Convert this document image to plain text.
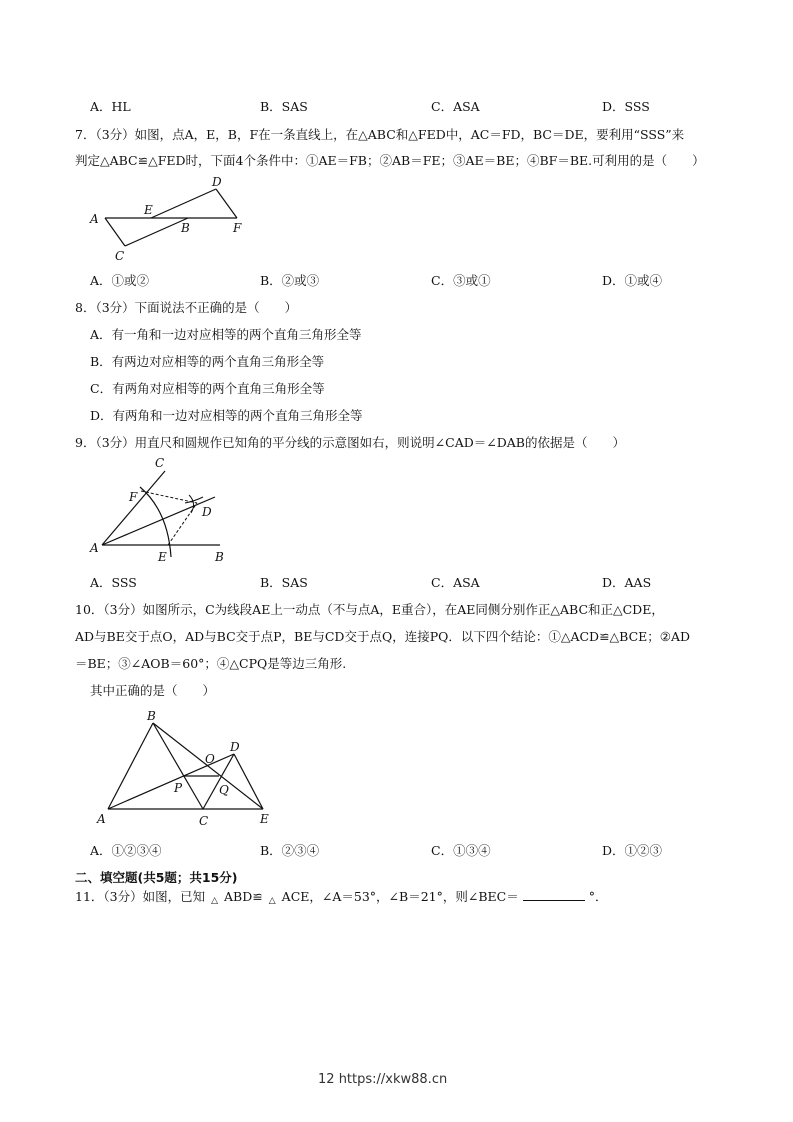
A．HL	B．SAS	C．ASA	D．SSS
7．（3分）如图，点A，E，B，F在一条直线上，在△ABC和△FED中，AC＝FD，BC＝DE，要利用“SSS”来
判定△ABC≌△FED时，下面4个条件中：①AE＝FB；②AB＝FE；③AE＝BE；④BF＝BE.可利用的是（　　）
A
E
B	F
C
D
A．①或②	B．②或③	C．③或①	D．①或④
8．（3分）下面说法不正确的是（　　）
A．有一角和一边对应相等的两个直角三角形全等
B．有两边对应相等的两个直角三角形全等
C．有两角对应相等的两个直角三角形全等
D．有两角和一边对应相等的两个直角三角形全等
9．（3分）用直尺和圆规作已知角的平分线的示意图如右，则说明∠CAD＝∠DAB的依据是（　　）
C
F
D
A
E	B
A．SSS	B．SAS	C．ASA	D．AAS
10．（3分）如图所示，C为线段AE上一动点（不与点A，E重合），在AE同侧分别作正△ABC和正△CDE，
AD与BE交于点O，AD与BC交于点P，BE与CD交于点Q，连接PQ．以下四个结论：①△ACD≌△BCE；②AD
＝BE；③∠AOB＝60°；④△CPQ是等边三角形.
其中正确的是（　　）
B
O
D
P	Q
A	C	E
A．①②③④	B．②③④	C．①③④	D．①②③
二、填空题(共5题；共15分)
11．（3分）如图，已知 △ ABD≌ △ ACE，∠A＝53°，∠B＝21°，则∠BEC＝	°．
12 https://xkw88.cn
